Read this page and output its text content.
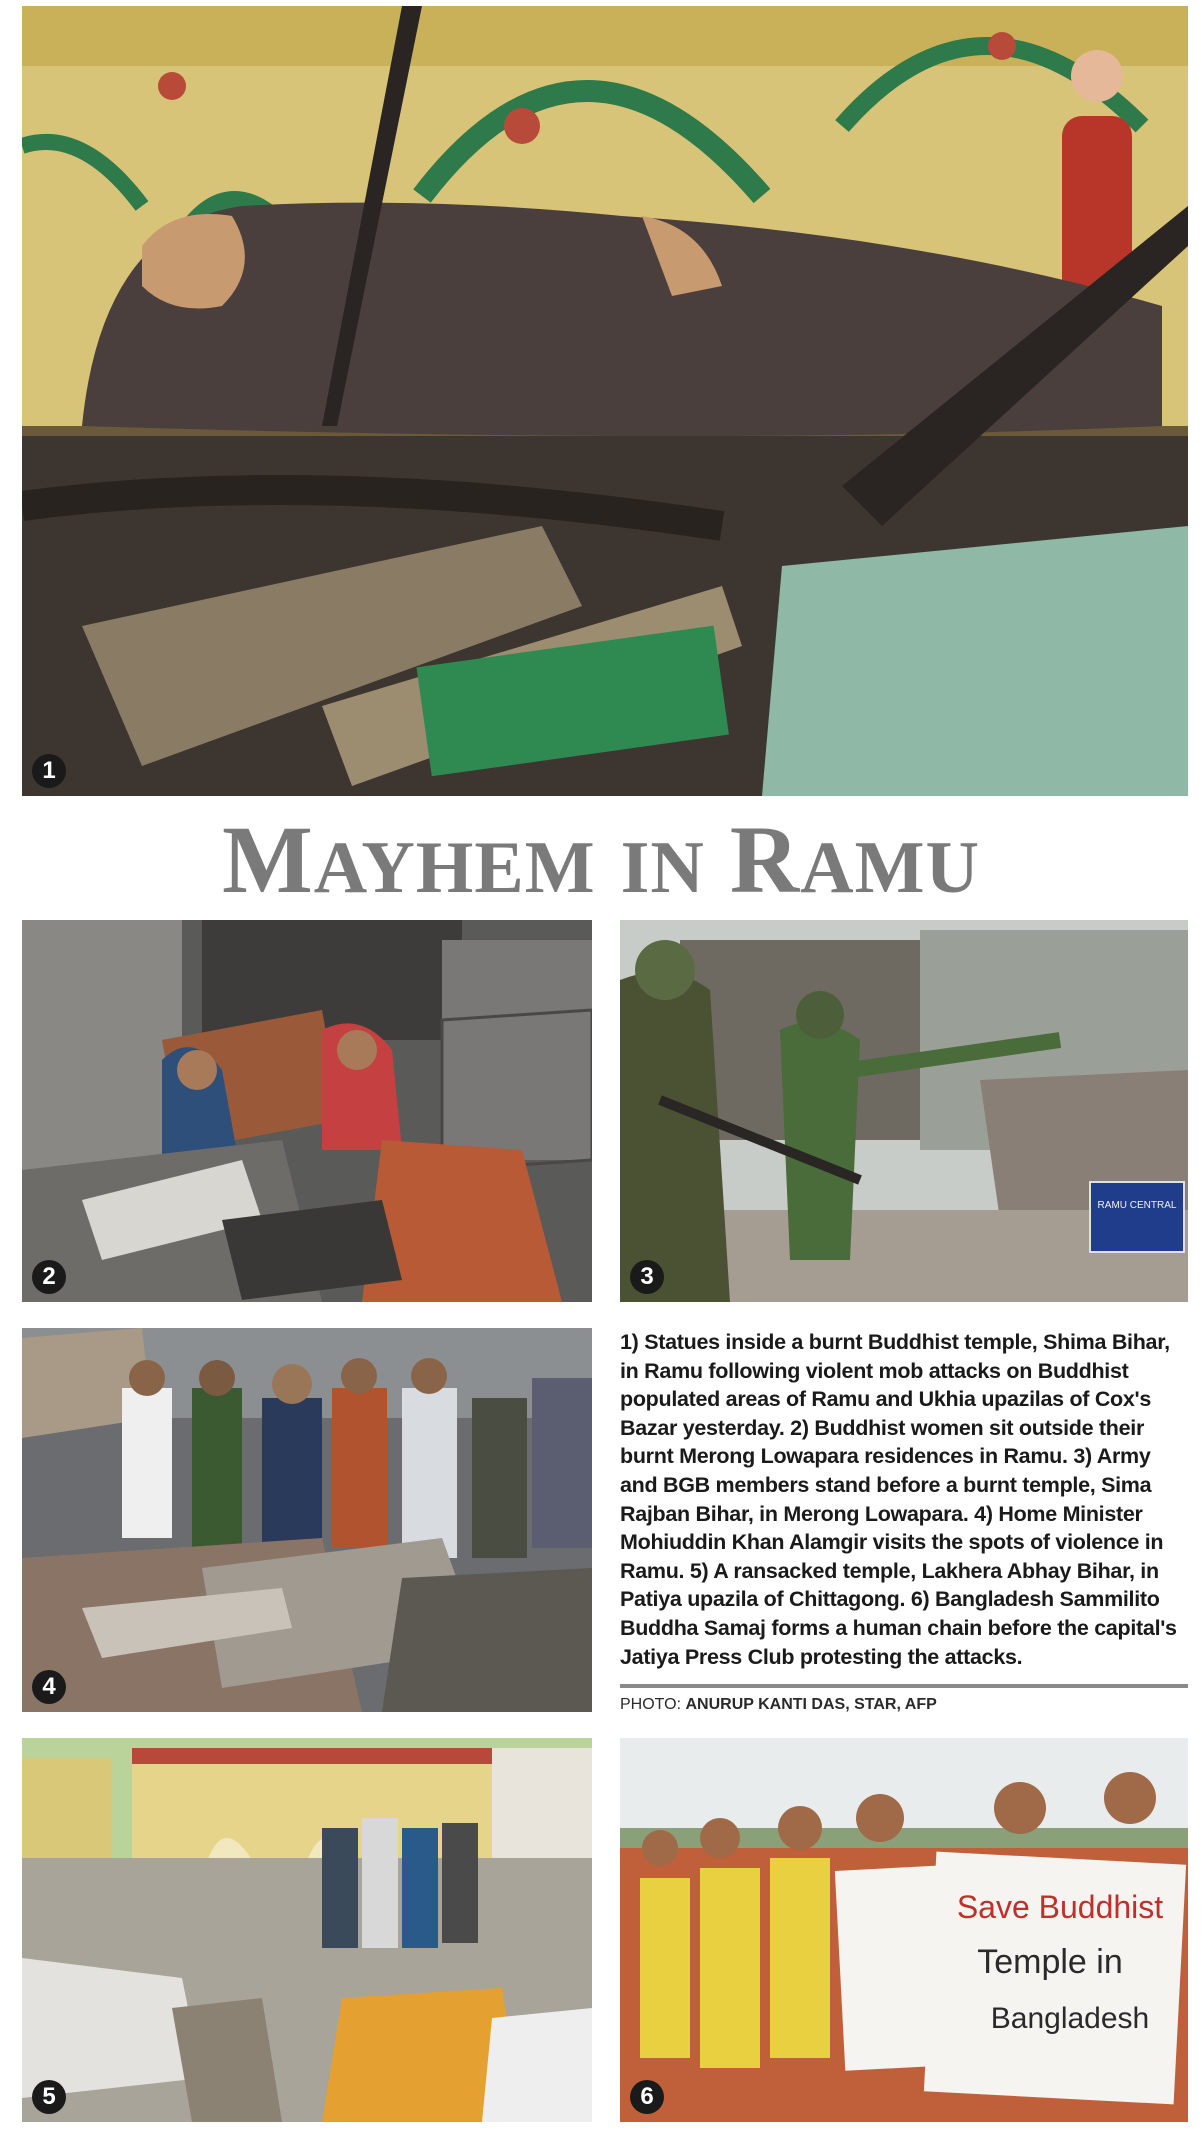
1
MAYHEM IN RAMU
2
RAMU CENTRAL
3
4
1) Statues inside a burnt Buddhist temple, Shima Bihar, in Ramu following violent mob attacks on Buddhist populated areas of Ramu and Ukhia upazilas of Cox's Bazar yesterday. 2) Buddhist women sit outside their burnt Merong Lowapara residences in Ramu. 3) Army and BGB members stand before a burnt temple, Sima Rajban Bihar, in Merong Lowapara. 4) Home Minister Mohiuddin Khan Alamgir visits the spots of violence in Ramu. 5) A ransacked temple, Lakhera Abhay Bihar, in Patiya upazila of Chittagong. 6) Bangladesh Sammilito Buddha Samaj forms a human chain before the capital's Jatiya Press Club protesting the attacks.
PHOTO: ANURUP KANTI DAS, STAR, AFP
5
Save Buddhist
Temple in
Bangladesh
6
